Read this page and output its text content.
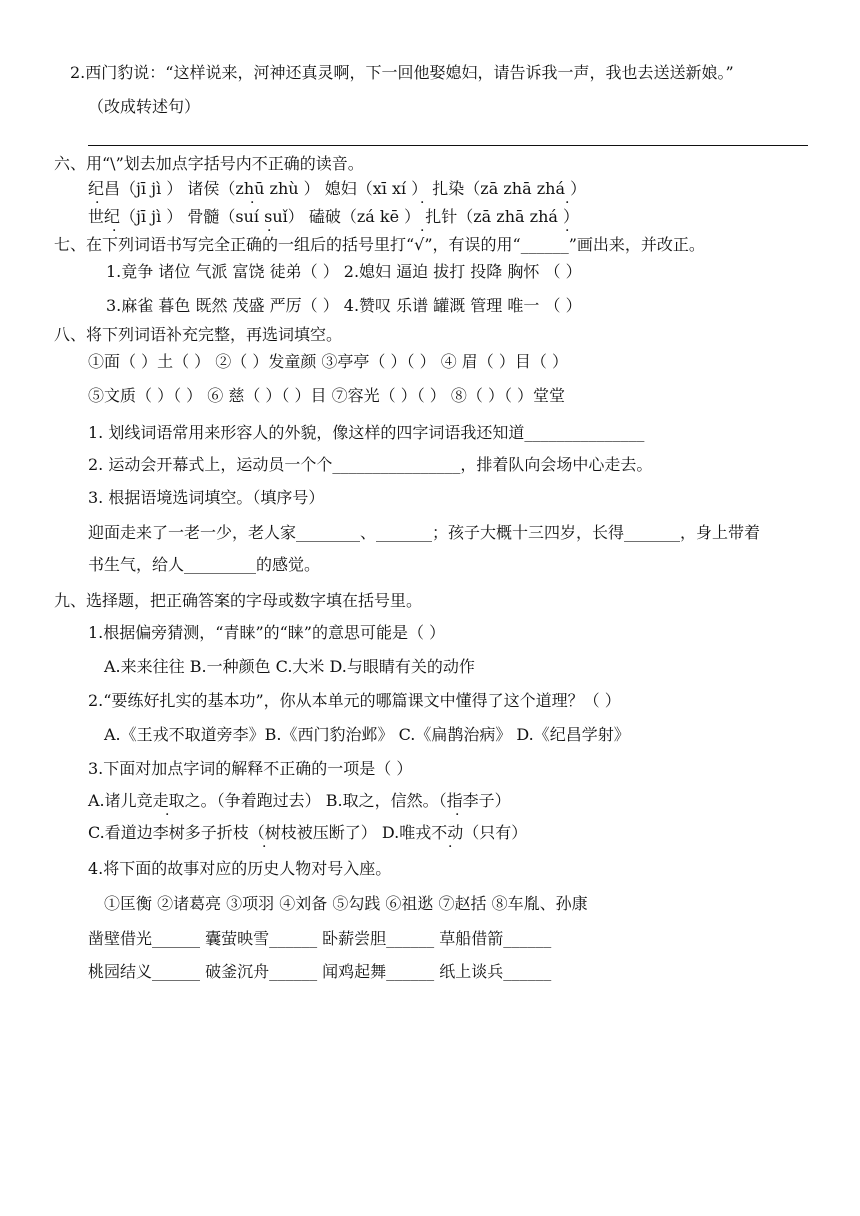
2.西门豹说：“这样说来，河神还真灵啊，下一回他娶媳妇，请告诉我一声，我也去送送新娘。”
（改成转述句）
六、用“\”划去加点字括号内不正确的读音。
纪昌（jī jì ） 诸侯（zhū zhù ） 媳妇（xī xí ） 扎染（zā zhā zhá ）
世纪（jī jì ） 骨髓（suí suǐ） 磕破（zá kē ） 扎针（zā zhā zhá ）
七、在下列词语书写完全正确的一组后的括号里打“√”，有误的用“______”画出来，并改正。
1.竟争 诸位 气派 富饶 徒弟（ ） 2.媳妇 逼迫 拔打 投降 胸怀 （ ）
3.麻雀 暮色 既然 茂盛 严厉（ ） 4.赞叹 乐谱 罐溉 管理 唯一 （ ）
八、将下列词语补充完整，再选词填空。
①面（ ）土（ ） ②（ ）发童颜 ③亭亭（ ）（ ） ④ 眉（ ）目（ ）
⑤文质（ ）（ ） ⑥ 慈（ ）（ ）目 ⑦容光（ ）（ ） ⑧（ ）（ ）堂堂
1. 划线词语常用来形容人的外貌，像这样的四字词语我还知道_______________
2. 运动会开幕式上，运动员一个个________________，排着队向会场中心走去。
3. 根据语境选词填空。（填序号）
迎面走来了一老一少，老人家________、_______；孩子大概十三四岁，长得_______，身上带着
书生气，给人_________的感觉。
九、选择题，把正确答案的字母或数字填在括号里。
1.根据偏旁猜测，“青睐”的“睐”的意思可能是（ ）
A.来来往往 B.一种颜色 C.大米 D.与眼睛有关的动作
2.“要练好扎实的基本功”，你从本单元的哪篇课文中懂得了这个道理？（ ）
A.《王戎不取道旁李》B.《西门豹治邺》 C.《扁鹊治病》 D.《纪昌学射》
3.下面对加点字词的解释不正确的一项是（ ）
A.诸儿竞走取之。（争着跑过去） B.取之，信然。（指李子）
C.看道边李树多子折枝（树枝被压断了） D.唯戎不动（只有）
4.将下面的故事对应的历史人物对号入座。
①匡衡 ②诸葛亮 ③项羽 ④刘备 ⑤勾践 ⑥祖逖 ⑦赵括 ⑧车胤、孙康
凿壁借光______ 囊萤映雪______ 卧薪尝胆______ 草船借箭______
桃园结义______ 破釜沉舟______ 闻鸡起舞______ 纸上谈兵______
·	·	·	·
·	·	·	·
·	·
·	·
